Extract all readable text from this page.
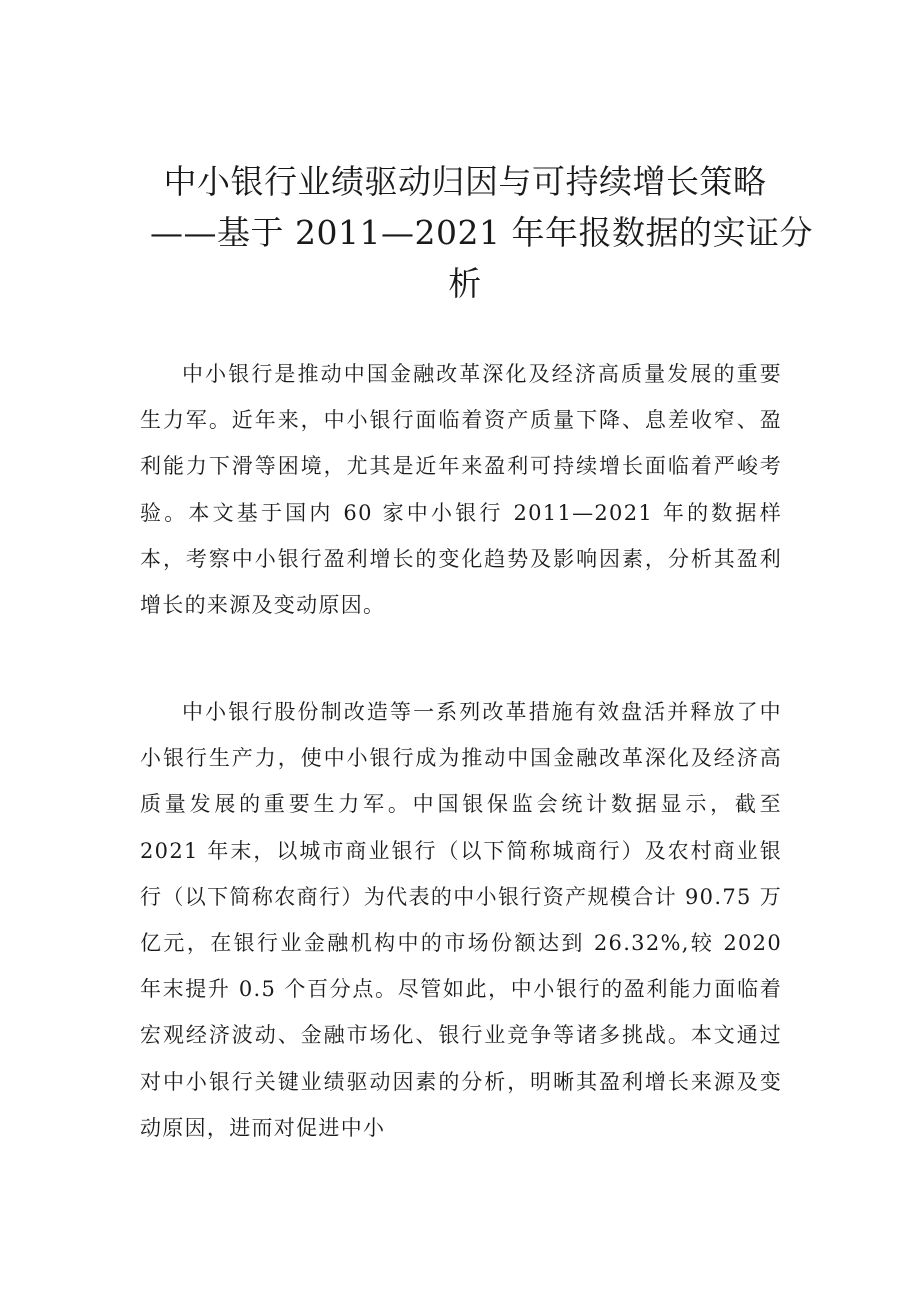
中小银行业绩驱动归因与可持续增长策略
——基于 2011—2021 年年报数据的实证分
析

中小银行是推动中国金融改革深化及经济高质量发展的重要生力军。近年来，中小银行面临着资产质量下降、息差收窄、盈利能力下滑等困境，尤其是近年来盈利可持续增长面临着严峻考验。本文基于国内 60 家中小银行 2011—2021 年的数据样本，考察中小银行盈利增长的变化趋势及影响因素，分析其盈利增长的来源及变动原因。

中小银行股份制改造等一系列改革措施有效盘活并释放了中小银行生产力，使中小银行成为推动中国金融改革深化及经济高质量发展的重要生力军。中国银保监会统计数据显示，截至 2021 年末，以城市商业银行（以下简称城商行）及农村商业银行（以下简称农商行）为代表的中小银行资产规模合计 90.75 万亿元，在银行业金融机构中的市场份额达到 26.32%,较 2020 年末提升 0.5 个百分点。尽管如此，中小银行的盈利能力面临着宏观经济波动、金融市场化、银行业竞争等诸多挑战。本文通过对中小银行关键业绩驱动因素的分析，明晰其盈利增长来源及变动原因，进而对促进中小
